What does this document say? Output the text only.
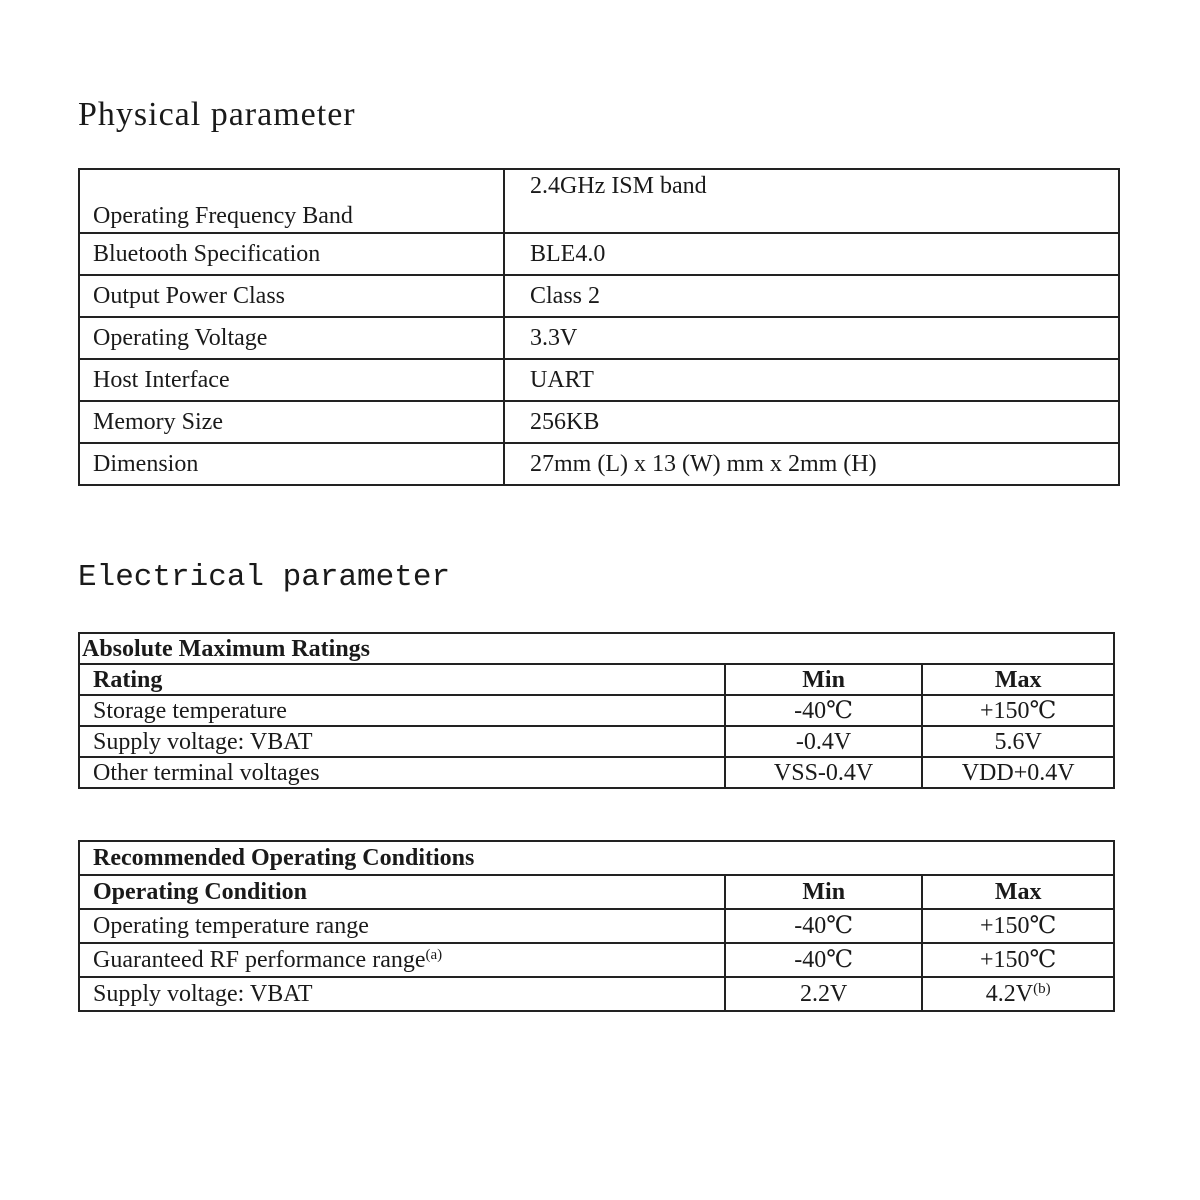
Physical parameter
Operating Frequency Band	2.4GHz ISM band
Bluetooth Specification	BLE4.0
Output Power Class	Class 2
Operating Voltage	3.3V
Host Interface	UART
Memory Size	256KB
Dimension	27mm (L) x 13 (W) mm x 2mm (H)
Electrical parameter
Absolute Maximum Ratings		
Rating	Min	Max
Storage temperature	-40℃	+150℃
Supply voltage: VBAT	-0.4V	5.6V
Other terminal voltages	VSS-0.4V	VDD+0.4V
Recommended Operating Conditions		
Operating Condition	Min	Max
Operating temperature range	-40℃	+150℃
Guaranteed RF performance range$^{(a)}$	-40℃	+150℃
Supply voltage: VBAT	2.2V	$4.2V^{(b)}$
